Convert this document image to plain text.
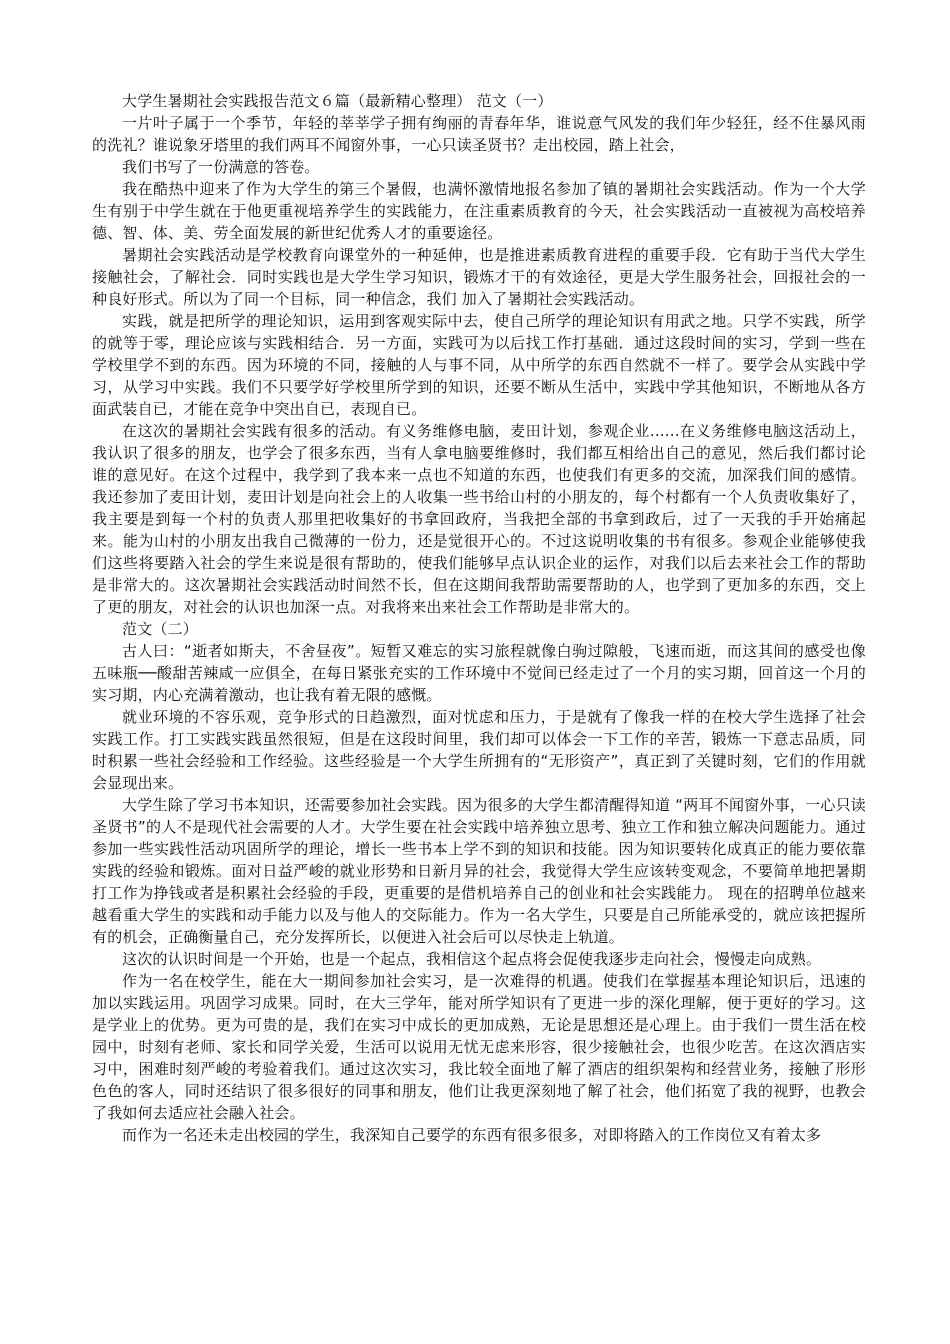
大学生暑期社会实践报告范文６篇（最新精心整理） 范文（一）

一片叶子属于一个季节，年轻的莘莘学子拥有绚丽的青春年华，谁说意气风发的我们年少轻狂，经不住暴风雨的洗礼？谁说象牙塔里的我们两耳不闻窗外事，一心只读圣贤书？走出校园，踏上社会，

我们书写了一份满意的答卷。

我在酷热中迎来了作为大学生的第三个暑假，也满怀激情地报名参加了镇的暑期社会实践活动。作为一个大学生有别于中学生就在于他更重视培养学生的实践能力，在注重素质教育的今天，社会实践活动一直被视为高校培养德、智、体、美、劳全面发展的新世纪优秀人才的重要途径。

暑期社会实践活动是学校教育向课堂外的一种延伸，也是推进素质教育进程的重要手段．它有助于当代大学生接触社会，了解社会．同时实践也是大学生学习知识，锻炼才干的有效途径，更是大学生服务社会，回报社会的一种良好形式。所以为了同一个目标，同一种信念，我们 加入了暑期社会实践活动。

实践，就是把所学的理论知识，运用到客观实际中去，使自己所学的理论知识有用武之地。只学不实践，所学的就等于零，理论应该与实践相结合．另一方面，实践可为以后找工作打基础．通过这段时间的实习，学到一些在学校里学不到的东西。因为环境的不同，接触的人与事不同，从中所学的东西自然就不一样了。要学会从实践中学习，从学习中实践。我们不只要学好学校里所学到的知识，还要不断从生活中，实践中学其他知识，不断地从各方面武装自已，才能在竞争中突出自已，表现自已。

在这次的暑期社会实践有很多的活动。有义务维修电脑，麦田计划，参观企业......在义务维修电脑这活动上，我认识了很多的朋友，也学会了很多东西，当有人拿电脑要维修时，我们都互相给出自己的意见，然后我们都讨论谁的意见好。在这个过程中，我学到了我本来一点也不知道的东西，也使我们有更多的交流，加深我们间的感情。我还参加了麦田计划，麦田计划是向社会上的人收集一些书给山村的小朋友的，每个村都有一个人负责收集好了，我主要是到每一个村的负责人那里把收集好的书拿回政府，当我把全部的书拿到政后，过了一天我的手开始痛起来。能为山村的小朋友出我自己微薄的一份力，还是觉很开心的。不过这说明收集的书有很多。参观企业能够使我们这些将要踏入社会的学生来说是很有帮助的，使我们能够早点认识企业的运作，对我们以后去来社会工作的帮助是非常大的。这次暑期社会实践活动时间然不长，但在这期间我帮助需要帮助的人，也学到了更加多的东西，交上了更的朋友，对社会的认识也加深一点。对我将来出来社会工作帮助是非常大的。

范文（二）

古人曰：“逝者如斯夫，不舍昼夜”。短暂又难忘的实习旅程就像白驹过隙般，飞速而逝，而这其间的感受也像五味瓶──酸甜苦辣咸一应俱全，在每日紧张充实的工作环境中不觉间已经走过了一个月的实习期，回首这一个月的实习期，内心充满着激动，也让我有着无限的感慨。

就业环境的不容乐观，竞争形式的日趋激烈，面对忧虑和压力，于是就有了像我一样的在校大学生选择了社会实践工作。打工实践实践虽然很短，但是在这段时间里，我们却可以体会一下工作的辛苦，锻炼一下意志品质，同时积累一些社会经验和工作经验。这些经验是一个大学生所拥有的“无形资产”，真正到了关键时刻，它们的作用就会显现出来。

大学生除了学习书本知识，还需要参加社会实践。因为很多的大学生都清醒得知道 “两耳不闻窗外事，一心只读圣贤书”的人不是现代社会需要的人才。大学生要在社会实践中培养独立思考、独立工作和独立解决问题能力。通过参加一些实践性活动巩固所学的理论，增长一些书本上学不到的知识和技能。因为知识要转化成真正的能力要依靠实践的经验和锻炼。面对日益严峻的就业形势和日新月异的社会，我觉得大学生应该转变观念，不要简单地把暑期打工作为挣钱或者是积累社会经验的手段，更重要的是借机培养自己的创业和社会实践能力。 现在的招聘单位越来越看重大学生的实践和动手能力以及与他人的交际能力。作为一名大学生，只要是自己所能承受的，就应该把握所有的机会，正确衡量自己，充分发挥所长，以便进入社会后可以尽快走上轨道。

这次的认识时间是一个开始，也是一个起点，我相信这个起点将会促使我逐步走向社会，慢慢走向成熟。

作为一名在校学生，能在大一期间参加社会实习，是一次难得的机遇。使我们在掌握基本理论知识后，迅速的加以实践运用。巩固学习成果。同时，在大三学年，能对所学知识有了更进一步的深化理解，便于更好的学习。这是学业上的优势。更为可贵的是，我们在实习中成长的更加成熟，无论是思想还是心理上。由于我们一贯生活在校园中，时刻有老师、家长和同学关爱，生活可以说用无忧无虑来形容，很少接触社会，也很少吃苦。在这次酒店实习中，困难时刻严峻的考验着我们。通过这次实习，我比较全面地了解了酒店的组织架构和经营业务，接触了形形色色的客人，同时还结识了很多很好的同事和朋友，他们让我更深刻地了解了社会，他们拓宽了我的视野，也教会了我如何去适应社会融入社会。

而作为一名还未走出校园的学生，我深知自己要学的东西有很多很多，对即将踏入的工作岗位又有着太多
